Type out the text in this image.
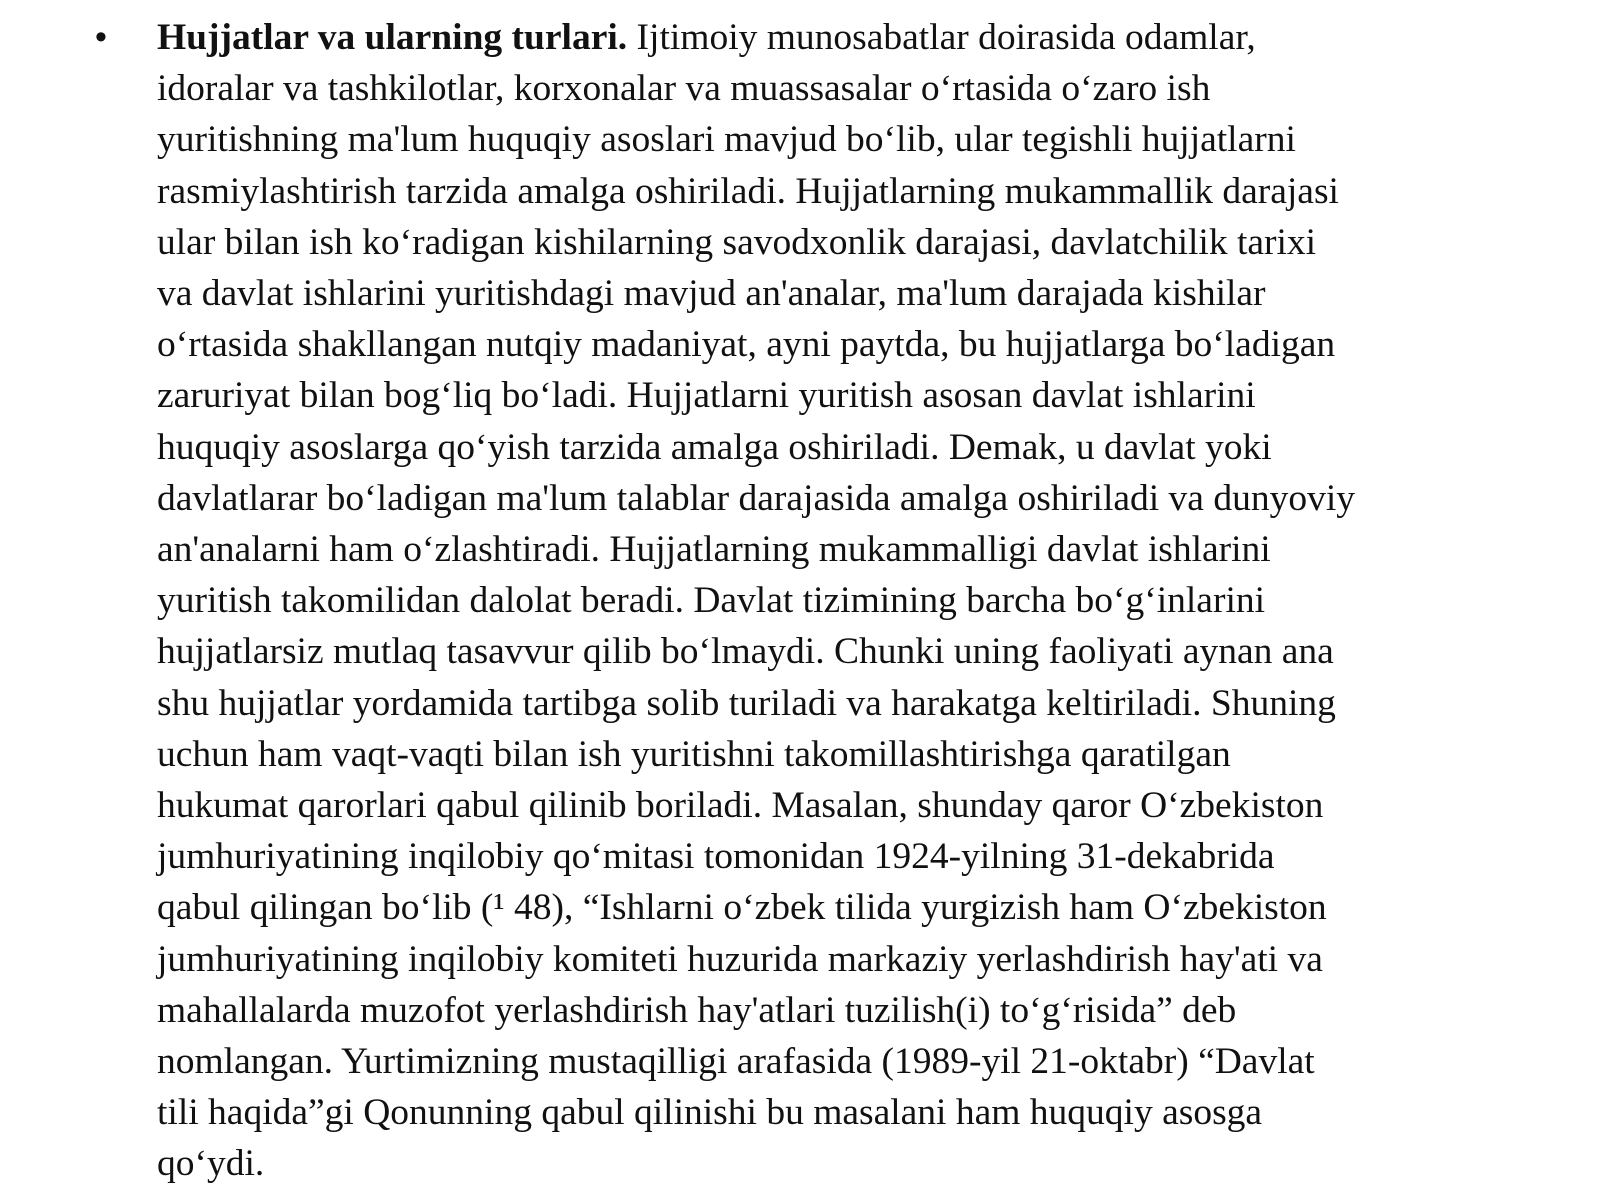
• Hujjatlar va ularning turlari. Ijtimoiy munosabatlar doirasida odamlar,
idoralar va tashkilotlar, korxonalar va muassasalar o‘rtasida o‘zaro ish
yuritishning ma'lum huquqiy asoslari mavjud bo‘lib, ular tegishli hujjatlarni
rasmiylashtirish tarzida amalga oshiriladi. Hujjatlarning mukammallik darajasi
ular bilan ish ko‘radigan kishilarning savodxonlik darajasi, davlatchilik tarixi
va davlat ishlarini yuritishdagi mavjud an'analar, ma'lum darajada kishilar
o‘rtasida shakllangan nutqiy madaniyat, ayni paytda, bu hujjatlarga bo‘ladigan
zaruriyat bilan bog‘liq bo‘ladi. Hujjatlarni yuritish asosan davlat ishlarini
huquqiy asoslarga qo‘yish tarzida amalga oshiriladi. Demak, u davlat yoki
davlatlarar bo‘ladigan ma'lum talablar darajasida amalga oshiriladi va dunyoviy
an'analarni ham o‘zlashtiradi. Hujjatlarning mukammalligi davlat ishlarini
yuritish takomilidan dalolat beradi. Davlat tizimining barcha bo‘g‘inlarini
hujjatlarsiz mutlaq tasavvur qilib bo‘lmaydi. Chunki uning faoliyati aynan ana
shu hujjatlar yordamida tartibga solib turiladi va harakatga keltiriladi. Shuning
uchun ham vaqt-vaqti bilan ish yuritishni takomillashtirishga qaratilgan
hukumat qarorlari qabul qilinib boriladi. Masalan, shunday qaror O‘zbekiston
jumhuriyatining inqilobiy qo‘mitasi tomonidan 1924-yilning 31-dekabrida
qabul qilingan bo‘lib (¹ 48), “Ishlarni o‘zbek tilida yurgizish ham O‘zbekiston
jumhuriyatining inqilobiy komiteti huzurida markaziy yerlashdirish hay'ati va
mahallalarda muzofot yerlashdirish hay'atlari tuzilish(i) to‘g‘risida” deb
nomlangan. Yurtimizning mustaqilligi arafasida (1989-yil 21-oktabr) “Davlat
tili haqida”gi Qonunning qabul qilinishi bu masalani ham huquqiy asosga
qo‘ydi.
